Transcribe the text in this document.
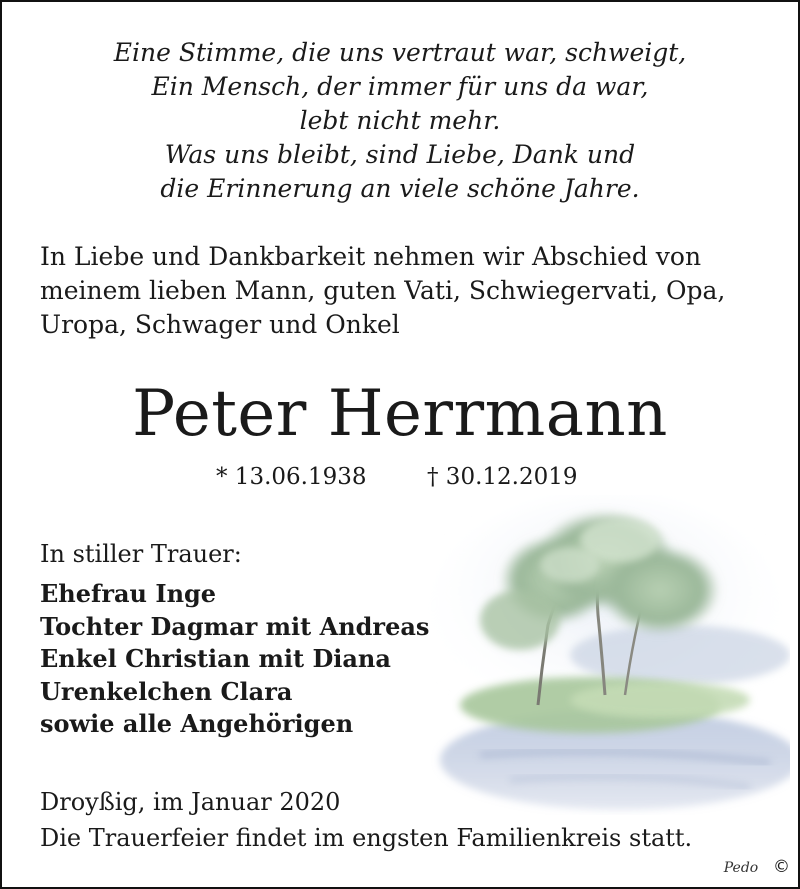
Eine Stimme, die uns vertraut war, schweigt,
Ein Mensch, der immer für uns da war,
lebt nicht mehr.
Was uns bleibt, sind Liebe, Dank und
die Erinnerung an viele schöne Jahre.
In Liebe und Dankbarkeit nehmen wir Abschied von
meinem lieben Mann, guten Vati, Schwiegervati, Opa,
Uropa, Schwager und Onkel
Peter Herrmann
* 13.06.1938	† 30.12.2019
In stiller Trauer:
Ehefrau Inge
Tochter Dagmar mit Andreas
Enkel Christian mit Diana
Urenkelchen Clara
sowie alle Angehörigen
Droyßig, im Januar 2020
Die Trauerfeier findet im engsten Familienkreis statt.
Pedo ©
